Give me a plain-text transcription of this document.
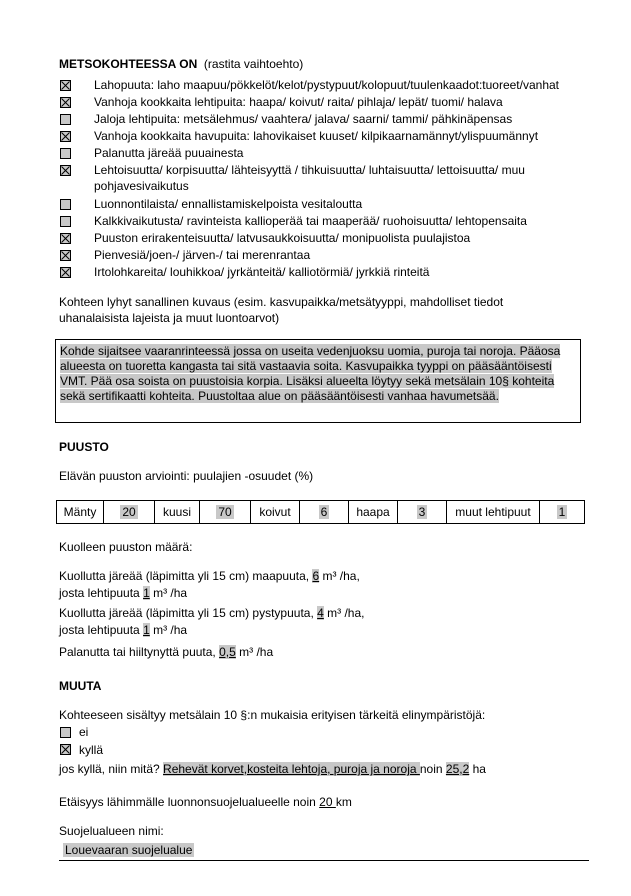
METSOKOHTEESSA ON (rastita vaihtoehto)
Lahopuuta: laho maapuu/pökkelöt/kelot/pystypuut/kolopuut/tuulenkaadot:tuoreet/vanhat
Vanhoja kookkaita lehtipuita: haapa/ koivut/ raita/ pihlaja/ lepät/ tuomi/ halava
Jaloja lehtipuita: metsälehmus/ vaahtera/ jalava/ saarni/ tammi/ pähkinäpensas
Vanhoja kookkaita havupuita: lahovikaiset kuuset/ kilpikaarnamännyt/ylispuumännyt
Palanutta järeää puuainesta
Lehtoisuutta/ korpisuutta/ lähteisyyttä / tihkuisuutta/ luhtaisuutta/ lettoisuutta/ muu
pohjavesivaikutus
Luonnontilaista/ ennallistamiskelpoista vesitaloutta
Kalkkivaikutusta/ ravinteista kallioperää tai maaperää/ ruohoisuutta/ lehtopensaita
Puuston erirakenteisuutta/ latvusaukkoisuutta/ monipuolista puulajistoa
Pienvesiä/joen-/ järven-/ tai merenrantaa
Irtolohkareita/ louhikkoa/ jyrkänteitä/ kalliotörmiä/ jyrkkiä rinteitä
Kohteen lyhyt sanallinen kuvaus (esim. kasvupaikka/metsätyyppi, mahdolliset tiedot
uhanalaisista lajeista ja muut luontoarvot)
Kohde sijaitsee vaaranrinteessä jossa on useita vedenjuoksu uomia, puroja tai noroja. Pääosa alueesta on tuoretta kangasta tai sitä vastaavia soita. Kasvupaikka tyyppi on pääsääntöisesti VMT. Pää osa soista on puustoisia korpia. Lisäksi alueelta löytyy sekä metsälain 10§ kohteita sekä sertifikaatti kohteita. Puustoltaa alue on pääsääntöisesti vanhaa havumetsää.
PUUSTO
Elävän puuston arviointi: puulajien -osuudet (%)
Mänty	20	kuusi	70	koivut	6	haapa	3	muut lehtipuut	1
Kuolleen puuston määrä:
Kuollutta järeää (läpimitta yli 15 cm) maapuuta, 6 m³ /ha,
josta lehtipuuta 1 m³ /ha
Kuollutta järeää (läpimitta yli 15 cm) pystypuuta, 4 m³ /ha,
josta lehtipuuta 1 m³ /ha
Palanutta tai hiiltynyttä puuta, 0,5 m³ /ha
MUUTA
Kohteeseen sisältyy metsälain 10 §:n mukaisia erityisen tärkeitä elinympäristöjä:
ei
kyllä
jos kyllä, niin mitä? Rehevät korvet,kosteita lehtoja, puroja ja noroja noin 25,2 ha
Etäisyys lähimmälle luonnonsuojelualueelle noin 20 km
Suojelualueen nimi:
Louevaaran suojelualue
